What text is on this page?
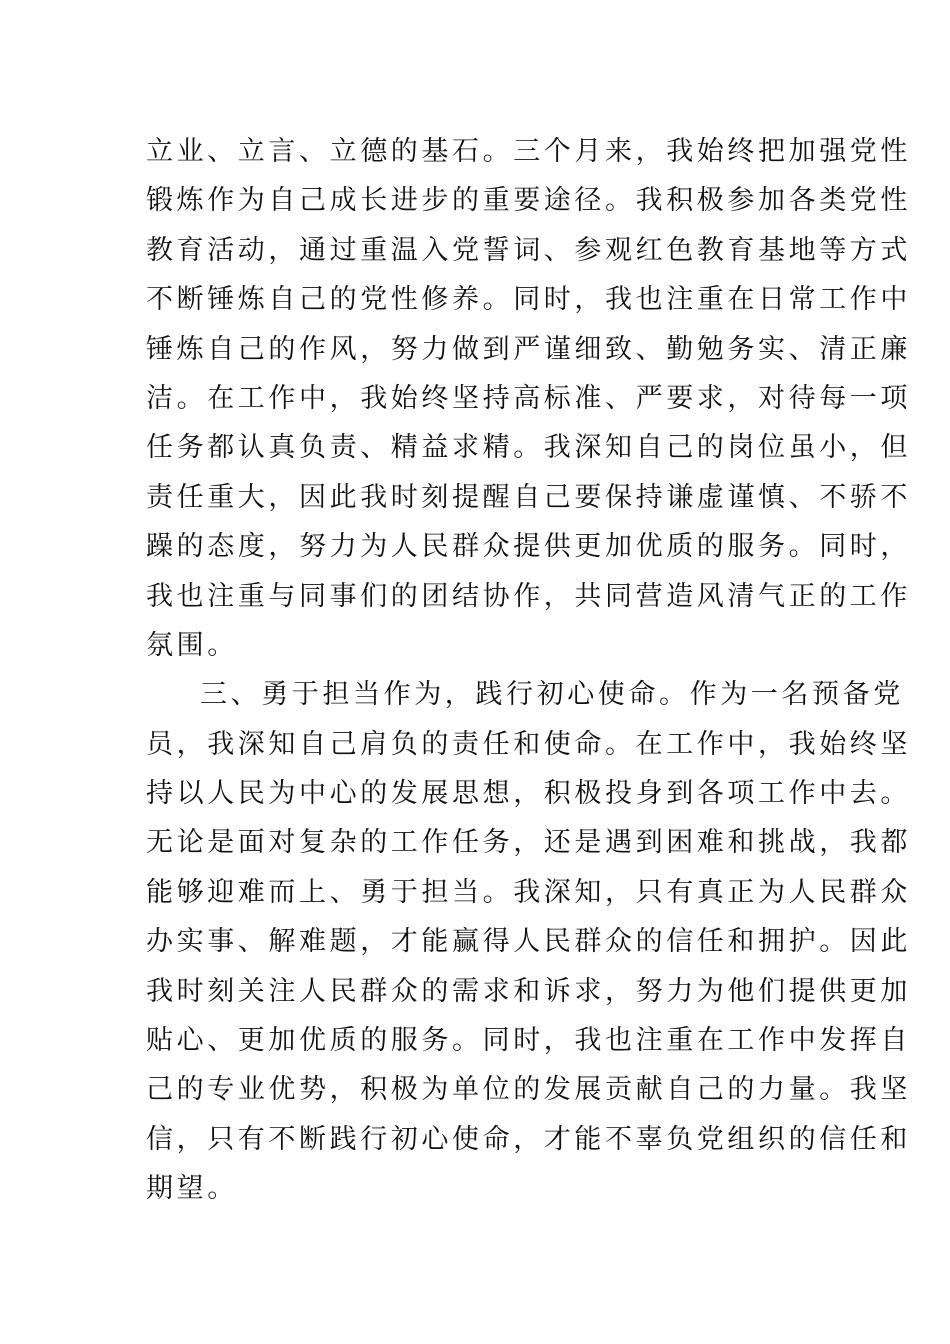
立业、立言、立德的基石。三个月来，我始终把加强党性
锻炼作为自己成长进步的重要途径。我积极参加各类党性
教育活动，通过重温入党誓词、参观红色教育基地等方式
不断锤炼自己的党性修养。同时，我也注重在日常工作中
锤炼自己的作风，努力做到严谨细致、勤勉务实、清正廉
洁。在工作中，我始终坚持高标准、严要求，对待每一项
任务都认真负责、精益求精。我深知自己的岗位虽小，但
责任重大，因此我时刻提醒自己要保持谦虚谨慎、不骄不
躁的态度，努力为人民群众提供更加优质的服务。同时，
我也注重与同事们的团结协作，共同营造风清气正的工作
氛围。
三、勇于担当作为，践行初心使命。作为一名预备党
员，我深知自己肩负的责任和使命。在工作中，我始终坚
持以人民为中心的发展思想，积极投身到各项工作中去。
无论是面对复杂的工作任务，还是遇到困难和挑战，我都
能够迎难而上、勇于担当。我深知，只有真正为人民群众
办实事、解难题，才能赢得人民群众的信任和拥护。因此
我时刻关注人民群众的需求和诉求，努力为他们提供更加
贴心、更加优质的服务。同时，我也注重在工作中发挥自
己的专业优势，积极为单位的发展贡献自己的力量。我坚
信，只有不断践行初心使命，才能不辜负党组织的信任和
期望。
